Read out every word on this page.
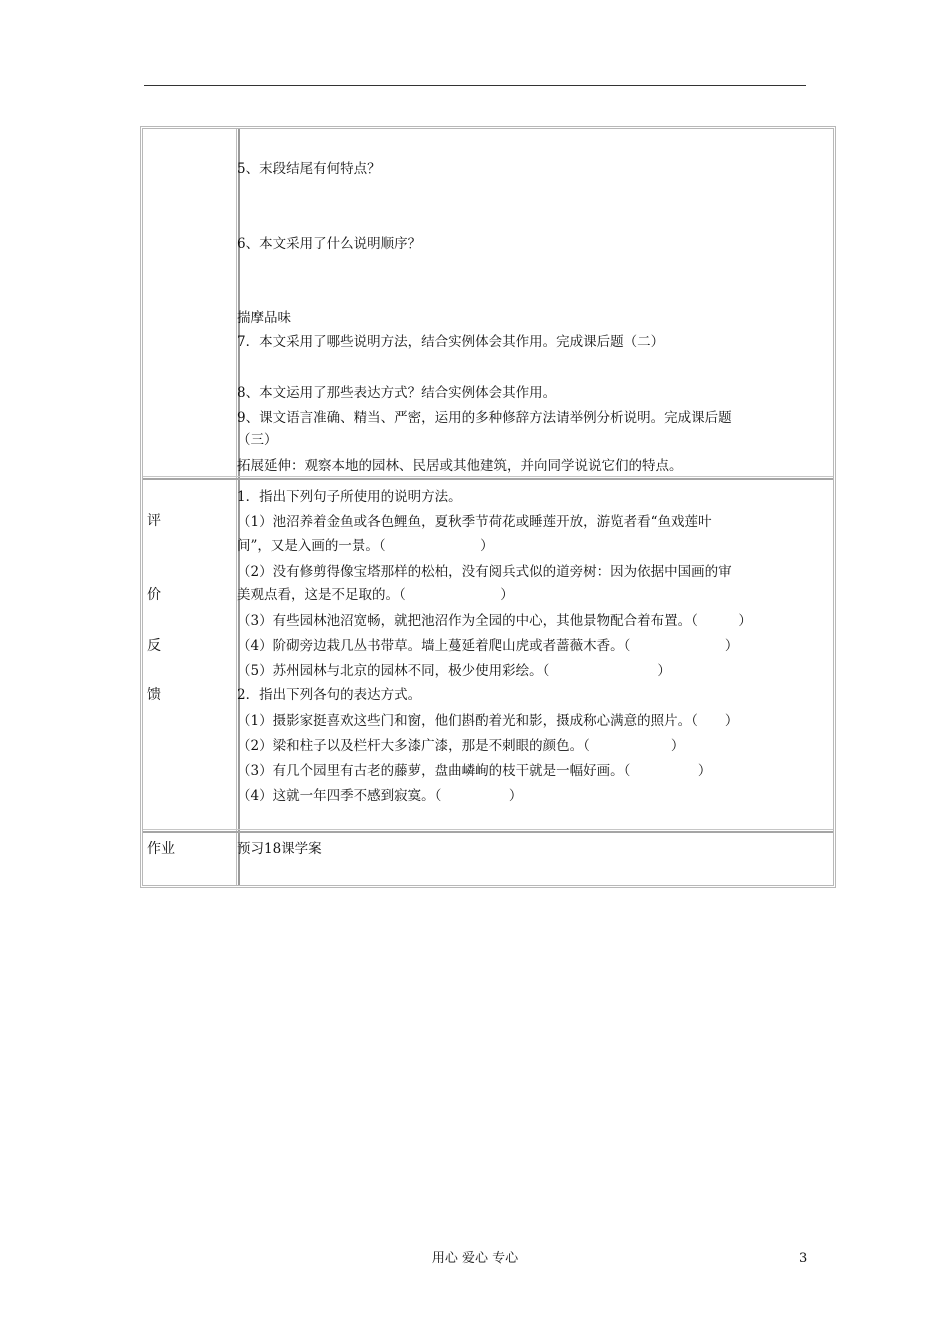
5、末段结尾有何特点？
6、本文采用了什么说明顺序？
揣摩品味
7．本文采用了哪些说明方法，结合实例体会其作用。完成课后题（二）
8、本文运用了那些表达方式？结合实例体会其作用。
9、课文语言准确、精当、严密，运用的多种修辞方法请举例分析说明。完成课后题
（三）
拓展延伸：观察本地的园林、民居或其他建筑，并向同学说说它们的特点。
评
价
反
馈
1．指出下列句子所使用的说明方法。
（1）池沼养着金鱼或各色鲤鱼，夏秋季节荷花或睡莲开放，游览者看“鱼戏莲叶
间”，又是入画的一景。（　　　　　　　）
（2）没有修剪得像宝塔那样的松柏，没有阅兵式似的道旁树：因为依据中国画的审
美观点看，这是不足取的。（　　　　　　　）
（3）有些园林池沼宽畅，就把池沼作为全园的中心，其他景物配合着布置。（　　　）
（4）阶砌旁边栽几丛书带草。墙上蔓延着爬山虎或者蔷薇木香。（　　　　　　　）
（5）苏州园林与北京的园林不同，极少使用彩绘。（　　　　　　　　）
2．指出下列各句的表达方式。
（1）摄影家挺喜欢这些门和窗，他们斟酌着光和影，摄成称心满意的照片。（　　）
（2）梁和柱子以及栏杆大多漆广漆，那是不刺眼的颜色。（　　　　　　）
（3）有几个园里有古老的藤萝，盘曲嶙峋的枝干就是一幅好画。（　　　　　）
（4）这就一年四季不感到寂寞。（　　　　　）
作业	预习18课学案
用心 爱心 专心	3
